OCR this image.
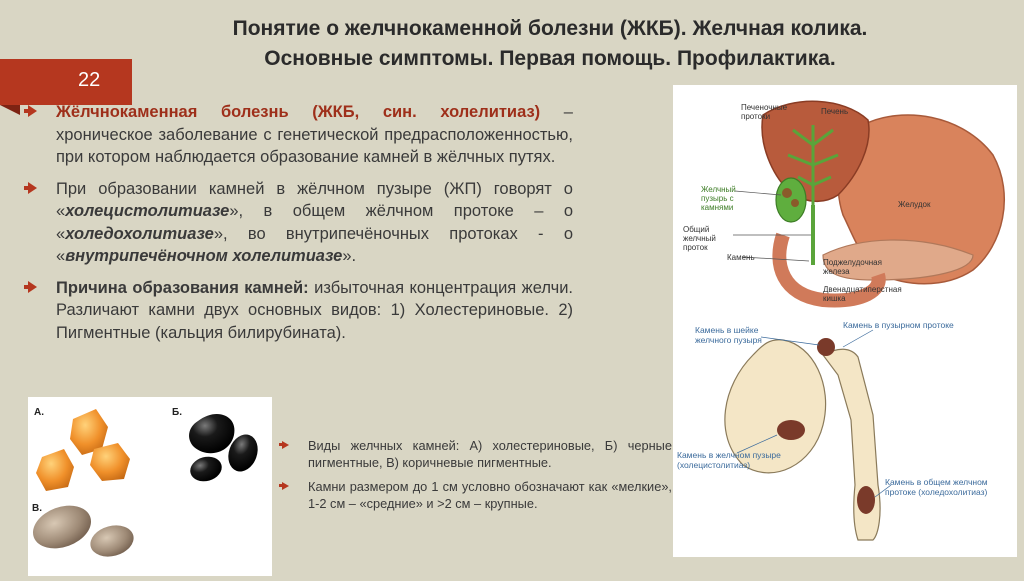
Понятие о желчнокаменной болезни (ЖКБ). Желчная колика.
Основные симптомы. Первая помощь. Профилактика.
22
Жёлчнокаменная болезнь (ЖКБ, син. холелитиаз) – хроническое заболевание с генетической предрасположенностью, при котором наблюдается образование камней в жёлчных путях.
При образовании камней в жёлчном пузыре (ЖП) говорят о «холецистолитиазе», в общем жёлчном протоке – о «холедохолитиазе», во внутрипечёночных протоках - о «внутрипечёночном холелитиазе».
Причина образования камней: избыточная концентрация желчи. Различают камни двух основных видов: 1) Холестериновые. 2) Пигментные (кальция билирубината).
А.	Б.
В.
Виды желчных камней: А) холестериновые, Б) черные пигментные, В) коричневые пигментные.
Камни размером до 1 см условно обозначают как «мелкие», 1-2 см – «средние» и >2 см – крупные.
Печеночные протоки
Печень
Желчный пузырь с камнями
Общий желчный проток
Желудок
Камень
Поджелудочная железа
Двенадцатиперстная кишка
Камень в шейке желчного пузыря
Камень в пузырном протоке
Камень в желчном пузыре (холецистолитиаз)
Камень в общем желчном протоке (холедохолитиаз)
